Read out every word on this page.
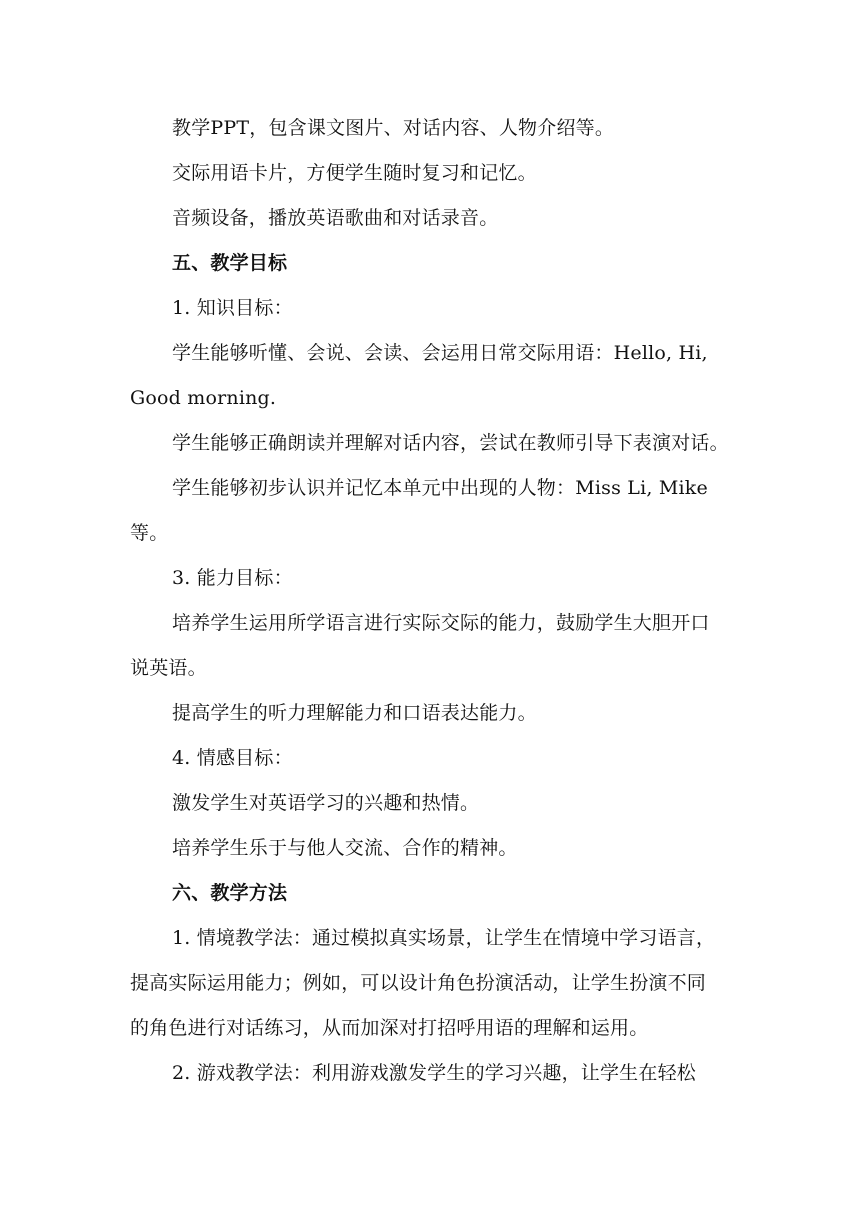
教学PPT，包含课文图片、对话内容、人物介绍等。
交际用语卡片，方便学生随时复习和记忆。
音频设备，播放英语歌曲和对话录音。
五、教学目标
1. 知识目标：
学生能够听懂、会说、会读、会运用日常交际用语：Hello, Hi,
Good morning.
学生能够正确朗读并理解对话内容，尝试在教师引导下表演对话。
学生能够初步认识并记忆本单元中出现的人物：Miss Li, Mike
等。
3. 能力目标：
培养学生运用所学语言进行实际交际的能力，鼓励学生大胆开口
说英语。
提高学生的听力理解能力和口语表达能力。
4. 情感目标：
激发学生对英语学习的兴趣和热情。
培养学生乐于与他人交流、合作的精神。
六、教学方法
1. 情境教学法：通过模拟真实场景，让学生在情境中学习语言，
提高实际运用能力；例如，可以设计角色扮演活动，让学生扮演不同
的角色进行对话练习，从而加深对打招呼用语的理解和运用。
2. 游戏教学法：利用游戏激发学生的学习兴趣，让学生在轻松
